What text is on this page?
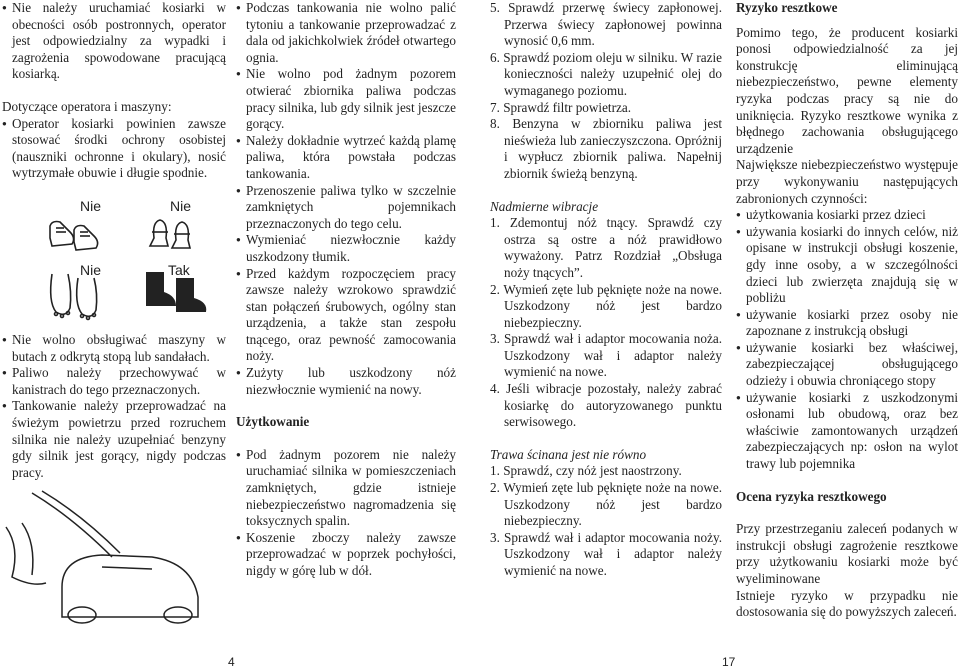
● Nie należy uruchamiać kosiarki w obecności osób postronnych, operator jest odpowiedzialny za wypadki i zagrożenia spowodowane pracującą kosiarką.
Dotyczące operatora i maszyny:
● Operator kosiarki powinien zawsze stosować środki ochrony osobistej (nauszniki ochronne i okulary), nosić wytrzymałe obuwie i długie spodnie.
Nie	Nie
Nie	Tak
● Nie wolno obsługiwać maszyny w butach z odkrytą stopą lub sandałach.
● Paliwo należy przechowywać w kanistrach do tego przeznaczonych.
● Tankowanie należy przeprowadzać na świeżym powietrzu przed rozruchem silnika nie należy uzupełniać benzyny gdy silnik jest gorący, nigdy podczas pracy.
● Podczas tankowania nie wolno palić tytoniu a tankowanie przeprowadzać z dala od jakichkolwiek źródeł otwartego ognia.
● Nie wolno pod żadnym pozorem otwierać zbiornika paliwa podczas pracy silnika, lub gdy silnik jest jeszcze gorący.
● Należy dokładnie wytrzeć każdą plamę paliwa, która powstała podczas tankowania.
● Przenoszenie paliwa tylko w szczelnie zamkniętych pojemnikach przeznaczonych do tego celu.
● Wymieniać niezwłocznie każdy uszkodzony tłumik.
● Przed każdym rozpoczęciem pracy zawsze należy wzrokowo sprawdzić stan połączeń śrubowych, ogólny stan urządzenia, a także stan zespołu tnącego, oraz pewność zamocowania noży.
● Zużyty lub uszkodzony nóż niezwłocznie wymienić na nowy.
Użytkowanie
● Pod żadnym pozorem nie należy uruchamiać silnika w pomieszczeniach zamkniętych, gdzie istnieje niebezpieczeństwo nagromadzenia się toksycznych spalin.
● Koszenie zboczy należy zawsze przeprowadzać w poprzek pochyłości, nigdy w górę lub w dół.
5. Sprawdź przerwę świecy zapłonowej. Przerwa świecy zapłonowej powinna wynosić 0,6 mm.
6. Sprawdź poziom oleju w silniku. W razie konieczności należy uzupełnić olej do wymaganego poziomu.
7. Sprawdź filtr powietrza.
8. Benzyna w zbiorniku paliwa jest nieświeża lub zanieczyszczona. Opróżnij i wypłucz zbiornik paliwa. Napełnij zbiornik świeżą benzyną.
Nadmierne wibracje
1. Zdemontuj nóż tnący. Sprawdź czy ostrza są ostre a nóż prawidłowo wyważony. Patrz Rozdział „Obsługa noży tnących”.
2. Wymień zęte lub pęknięte noże na nowe. Uszkodzony nóż jest bardzo niebezpieczny.
3. Sprawdź wał i adaptor mocowania noża. Uszkodzony wał i adaptor należy wymienić na nowe.
4. Jeśli wibracje pozostały, należy zabrać kosiarkę do autoryzowanego punktu serwisowego.
Trawa ścinana jest nie równo
1. Sprawdź, czy nóż jest naostrzony.
2. Wymień zęte lub pęknięte noże na nowe. Uszkodzony nóż jest bardzo niebezpieczny.
3. Sprawdź wał i adaptor mocowania noży. Uszkodzony wał i adaptor należy wymienić na nowe.
Ryzyko resztkowe
Pomimo tego, że producent kosiarki ponosi odpowiedzialność za jej konstrukcję eliminującą niebezpieczeństwo, pewne elementy ryzyka podczas pracy są nie do uniknięcia. Ryzyko resztkowe wynika z błędnego zachowania obsługującego urządzenie
Największe niebezpieczeństwo występuje przy wykonywaniu następujących zabronionych czynności:
● użytkowania kosiarki przez dzieci
● używania kosiarki do innych celów, niż opisane w instrukcji obsługi koszenie, gdy inne osoby, a w szczególności dzieci lub zwierzęta znajdują się w pobliżu
● używanie kosiarki przez osoby nie zapoznane z instrukcją obsługi
● używanie kosiarki bez właściwej, zabezpieczającej obsługującego odzieży i obuwia chroniącego stopy
● używanie kosiarki z uszkodzonymi osłonami lub obudową, oraz bez właściwie zamontowanych urządzeń zabezpieczających np: osłon na wylot trawy lub pojemnika
Ocena ryzyka resztkowego
Przy przestrzeganiu zaleceń podanych w instrukcji obsługi zagrożenie resztkowe przy użytkowaniu kosiarki może być wyeliminowane
Istnieje ryzyko w przypadku nie dostosowania się do powyższych zaleceń.
4	17
